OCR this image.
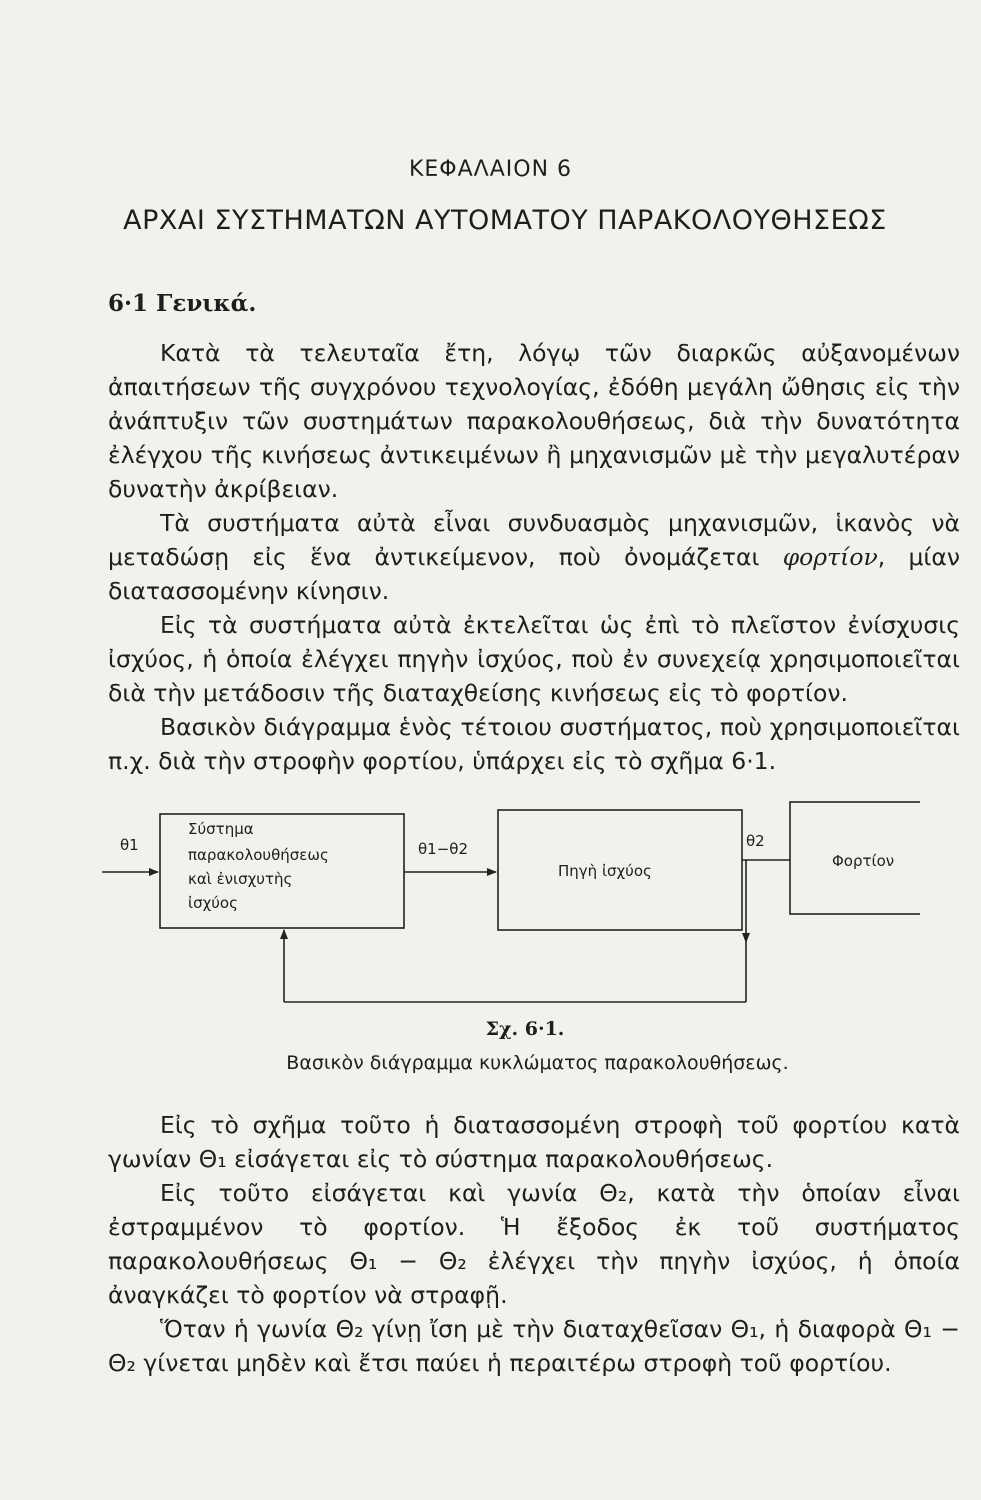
ΚΕΦΑΛΑΙΟΝ 6
ΑΡΧΑΙ ΣΥΣΤΗΜΑΤΩΝ ΑΥΤΟΜΑΤΟΥ ΠΑΡΑΚΟΛΟΥΘΗΣΕΩΣ
6·1 Γενικά.

Κατὰ τὰ τελευταῖα ἔτη, λόγῳ τῶν διαρκῶς αὐξανομένων ἀπαιτήσεων τῆς συγχρόνου τεχνολογίας, ἐδόθη μεγάλη ὤθησις εἰς τὴν ἀνάπτυξιν τῶν συστημάτων παρακολουθήσεως, διὰ τὴν δυνατότητα ἐλέγχου τῆς κινήσεως ἀντικειμένων ἢ μηχανισμῶν μὲ τὴν μεγαλυτέραν δυνατὴν ἀκρίβειαν.

Τὰ συστήματα αὐτὰ εἶναι συνδυασμὸς μηχανισμῶν, ἱκανὸς νὰ μεταδώσῃ εἰς ἕνα ἀντικείμενον, ποὺ ὀνομάζεται φορτίον, μίαν διατασσομένην κίνησιν.

Εἰς τὰ συστήματα αὐτὰ ἐκτελεῖται ὡς ἐπὶ τὸ πλεῖστον ἐνίσχυσις ἰσχύος, ἡ ὁποία ἐλέγχει πηγὴν ἰσχύος, ποὺ ἐν συνεχείᾳ χρησιμοποιεῖται διὰ τὴν μετάδοσιν τῆς διαταχθείσης κινήσεως εἰς τὸ φορτίον.

Βασικὸν διάγραμμα ἑνὸς τέτοιου συστήματος, ποὺ χρησιμοποιεῖται π.χ. διὰ τὴν στροφὴν φορτίου, ὑπάρχει εἰς τὸ σχῆμα 6·1.

θ1
Σύστημα
παρακολουθήσεως
καὶ ἐνισχυτὴς
ἰσχύος
θ1−θ2
Πηγὴ ἰσχύος
θ2
Φορτίον
Σχ. 6·1.
Βασικὸν διάγραμμα κυκλώματος παρακολουθήσεως.

Εἰς τὸ σχῆμα τοῦτο ἡ διατασσομένη στροφὴ τοῦ φορτίου κατὰ γωνίαν Θ₁ εἰσάγεται εἰς τὸ σύστημα παρακολουθήσεως.

Εἰς τοῦτο εἰσάγεται καὶ γωνία Θ₂, κατὰ τὴν ὁποίαν εἶναι ἐστραμμένον τὸ φορτίον. Ἡ ἔξοδος ἐκ τοῦ συστήματος παρακολουθήσεως Θ₁ − Θ₂ ἐλέγχει τὴν πηγὴν ἰσχύος, ἡ ὁποία ἀναγκάζει τὸ φορτίον νὰ στραφῇ.

Ὅταν ἡ γωνία Θ₂ γίνῃ ἴση μὲ τὴν διαταχθεῖσαν Θ₁, ἡ διαφορὰ Θ₁ − Θ₂ γίνεται μηδὲν καὶ ἔτσι παύει ἡ περαιτέρω στροφὴ τοῦ φορτίου.
